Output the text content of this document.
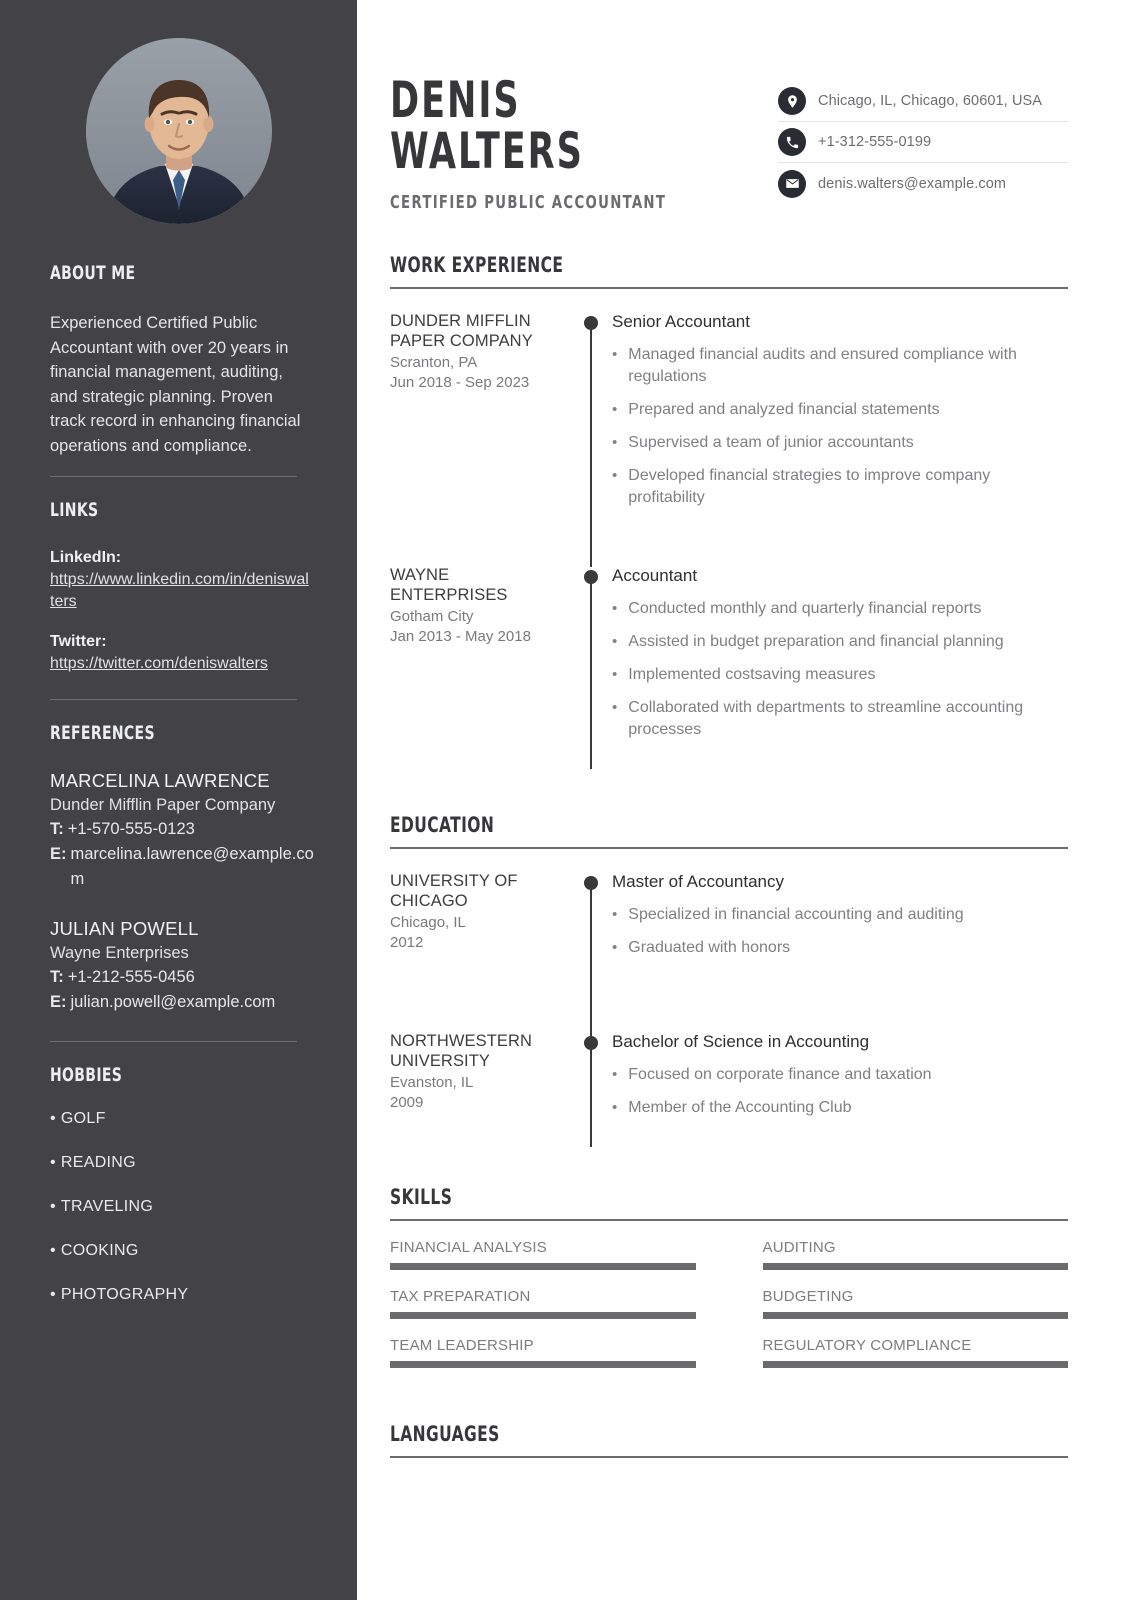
ABOUT ME
Experienced Certified Public Accountant with over 20 years in financial management, auditing, and strategic planning. Proven track record in enhancing financial operations and compliance.
LINKS
LinkedIn:
https://www.linkedin.com/in/deniswalters
Twitter:
https://twitter.com/deniswalters
REFERENCES
MARCELINA LAWRENCE
Dunder Mifflin Paper Company
T: +1-570-555-0123
E: marcelina.lawrence@example.com
JULIAN POWELL
Wayne Enterprises
T: +1-212-555-0456
E: julian.powell@example.com
HOBBIES
• GOLF
• READING
• TRAVELING
• COOKING
• PHOTOGRAPHY
DENIS
WALTERS
CERTIFIED PUBLIC ACCOUNTANT
Chicago, IL, Chicago, 60601, USA
+1-312-555-0199
denis.walters@example.com
WORK EXPERIENCE
DUNDER MIFFLIN PAPER COMPANY
Scranton, PA
Jun 2018 - Sep 2023
Senior Accountant
• Managed financial audits and ensured compliance with regulations
• Prepared and analyzed financial statements
• Supervised a team of junior accountants
• Developed financial strategies to improve company profitability
WAYNE ENTERPRISES
Gotham City
Jan 2013 - May 2018
Accountant
• Conducted monthly and quarterly financial reports
• Assisted in budget preparation and financial planning
• Implemented costsaving measures
• Collaborated with departments to streamline accounting processes
EDUCATION
UNIVERSITY OF CHICAGO
Chicago, IL
2012
Master of Accountancy
• Specialized in financial accounting and auditing
• Graduated with honors
NORTHWESTERN UNIVERSITY
Evanston, IL
2009
Bachelor of Science in Accounting
• Focused on corporate finance and taxation
• Member of the Accounting Club
SKILLS
FINANCIAL ANALYSIS
TAX PREPARATION
TEAM LEADERSHIP
AUDITING
BUDGETING
REGULATORY COMPLIANCE
LANGUAGES
